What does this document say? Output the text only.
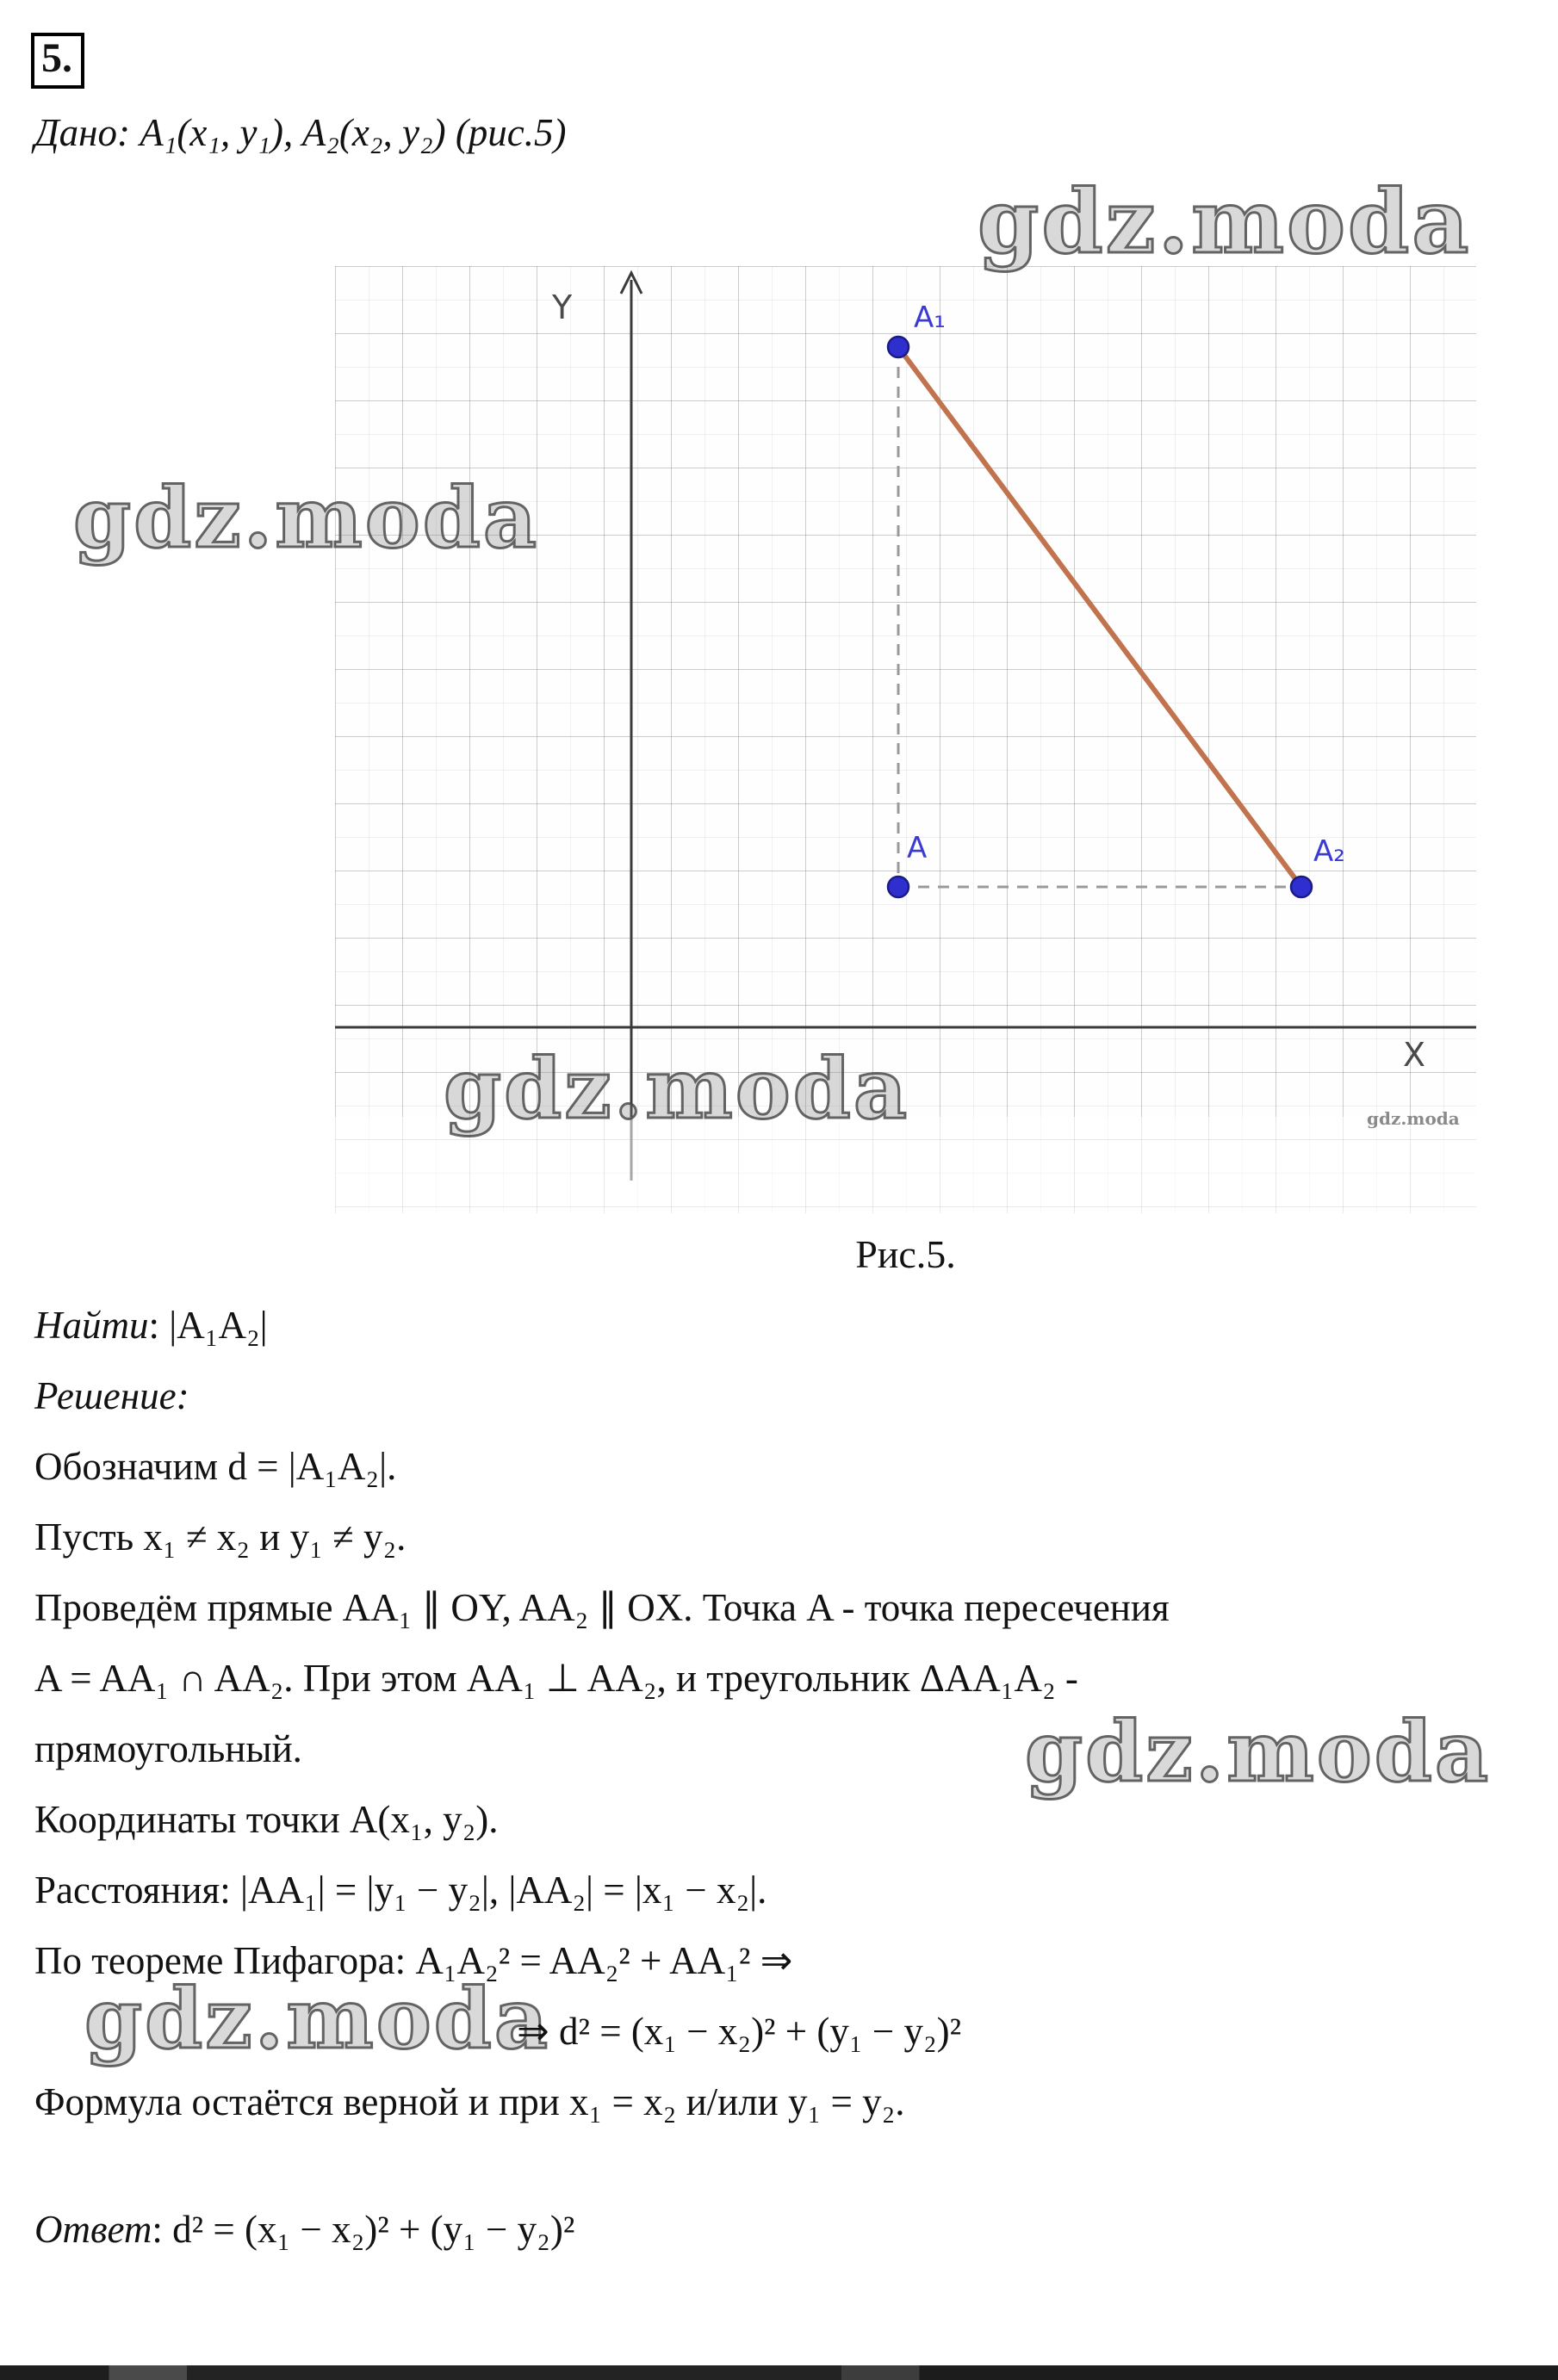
5.
Дано: A₁(x₁, y₁), A₂(x₂, y₂) (рис.5)
gdz.moda
gdz.moda
gdz.moda
gdz.moda
gdz.moda
Y
X
A₁
A	A₂
gdz.moda
Рис.5.
Найти: |A₁A₂|
Решение:
Обозначим d = |A₁A₂|.
Пусть x₁ ≠ x₂ и y₁ ≠ y₂.
Проведём прямые AA₁ ∥ OY, AA₂ ∥ OX. Точка A - точка пересечения
A = AA₁ ∩ AA₂. При этом AA₁ ⊥ AA₂, и треугольник ΔAA₁A₂ -
прямоугольный.
Координаты точки A(x₁, y₂).
Расстояния: |AA₁| = |y₁ − y₂|, |AA₂| = |x₁ − x₂|.
По теореме Пифагора: A₁A₂² = AA₂² + AA₁² ⇒
⇒ d² = (x₁ − x₂)² + (y₁ − y₂)²
Формула остаётся верной и при x₁ = x₂ и/или y₁ = y₂.
Ответ: d² = (x₁ − x₂)² + (y₁ − y₂)²
